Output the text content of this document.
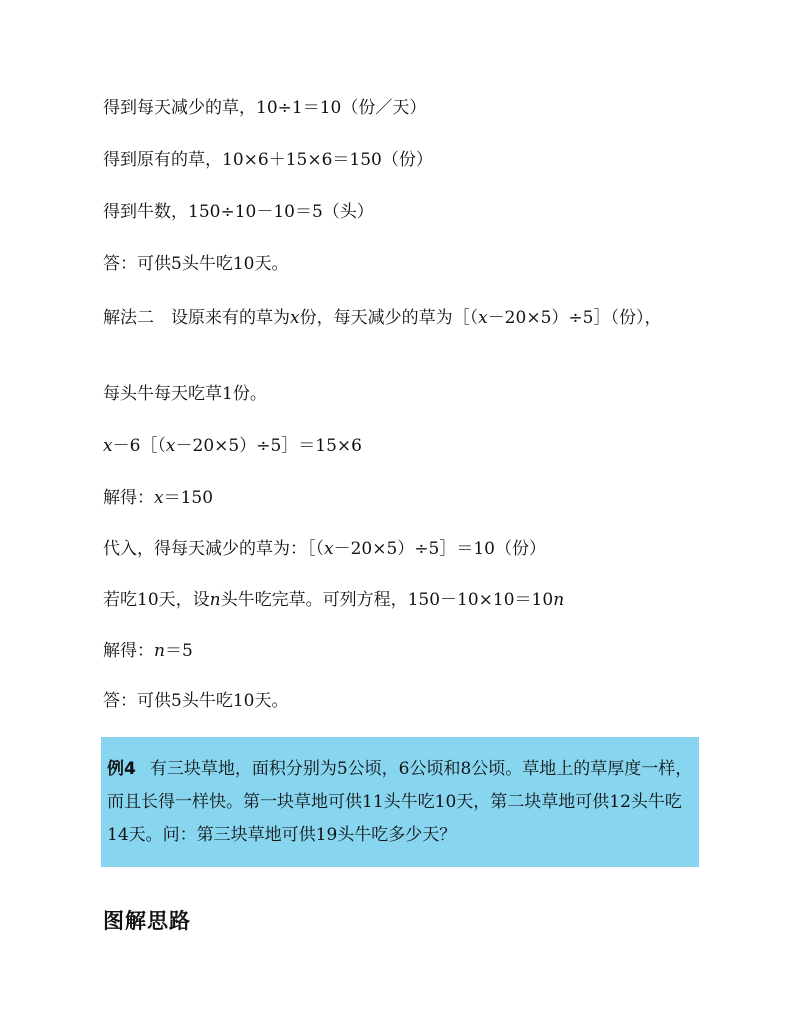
得到每天减少的草，10÷1＝10（份／天）
得到原有的草，10×6＋15×6＝150（份）
得到牛数，150÷10－10＝5（头）
答：可供5头牛吃10天。
解法二　设原来有的草为x份，每天减少的草为［（x－20×5）÷5］（份），
每头牛每天吃草1份。
x－6［（x－20×5）÷5］＝15×6
解得：x＝150
代入，得每天减少的草为：［（x－20×5）÷5］＝10（份）
若吃10天，设n头牛吃完草。可列方程，150－10×10＝10n
解得：n＝5
答：可供5头牛吃10天。
例4 有三块草地，面积分别为5公顷，6公顷和8公顷。草地上的草厚度一样，而且长得一样快。第一块草地可供11头牛吃10天，第二块草地可供12头牛吃14天。问：第三块草地可供19头牛吃多少天？
图解思路
